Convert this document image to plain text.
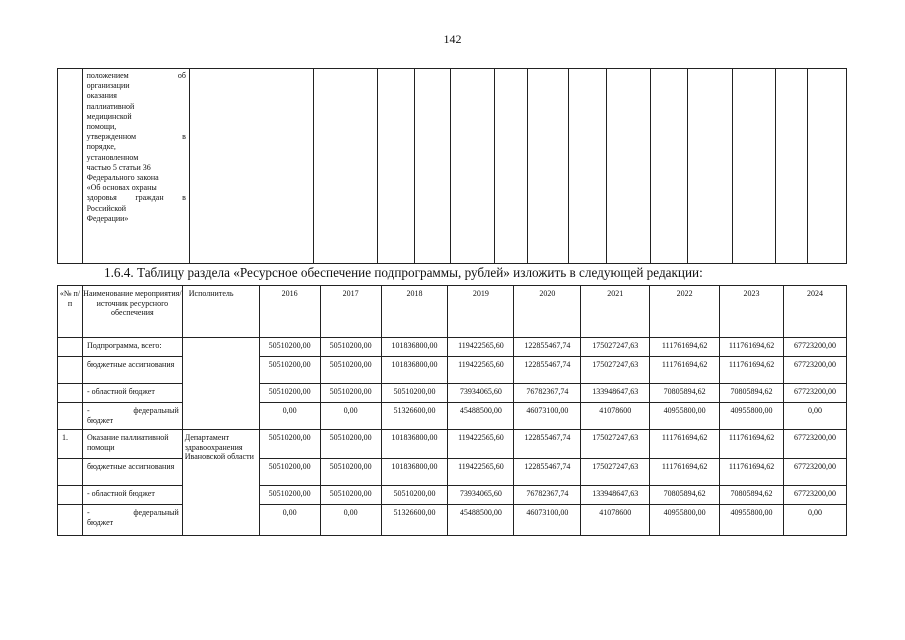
142

положением об
организации
оказания
паллиативной
медицинской
помощи,
утвержденном в
порядке,
установленном
частью 5 статьи 36
Федерального закона
«Об основах охраны
здоровья граждан в
Российской
Федерации»

1.6.4. Таблицу раздела «Ресурсное обеспечение подпрограммы, рублей» изложить в следующей редакции:
«№ п/п	Наименование мероприятия/источник ресурсного обеспечения	Исполнитель	2016	2017	2018	2019	2020	2021	2022	2023	2024
	Подпрограмма, всего:		50510200,00	50510200,00	101836800,00	119422565,60	122855467,74	175027247,63	111761694,62	111761694,62	67723200,00
	бюджетные ассигнования		50510200,00	50510200,00	101836800,00	119422565,60	122855467,74	175027247,63	111761694,62	111761694,62	67723200,00
	- областной бюджет		50510200,00	50510200,00	50510200,00	73934065,60	76782367,74	133948647,63	70805894,62	70805894,62	67723200,00

	- федеральный
бюджет		0,00	0,00	51326600,00	45488500,00	46073100,00	41078600	40955800,00	40955800,00	0,00
1.	Оказание паллиативной помощи	Департамент здравоохранения Ивановской области	50510200,00	50510200,00	101836800,00	119422565,60	122855467,74	175027247,63	111761694,62	111761694,62	67723200,00
	бюджетные ассигнования		50510200,00	50510200,00	101836800,00	119422565,60	122855467,74	175027247,63	111761694,62	111761694,62	67723200,00
	- областной бюджет		50510200,00	50510200,00	50510200,00	73934065,60	76782367,74	133948647,63	70805894,62	70805894,62	67723200,00

	- федеральный
бюджет		0,00	0,00	51326600,00	45488500,00	46073100,00	41078600	40955800,00	40955800,00	0,00
